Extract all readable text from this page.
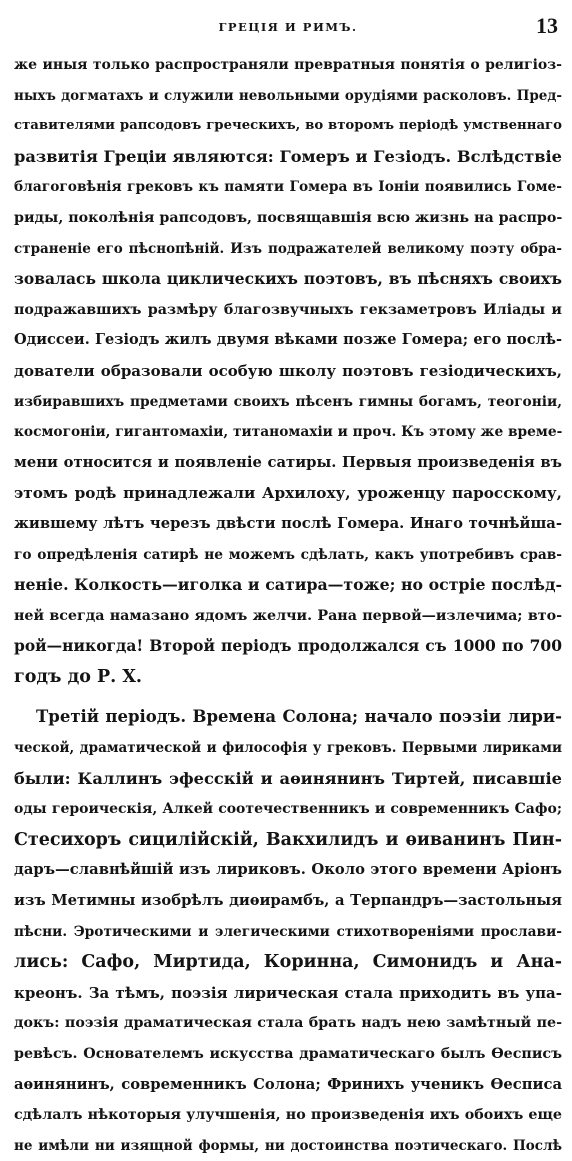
ГРЕЦІЯ И РИМЪ.	13
же иныя только распространяли превратныя понятія о религіоз-
ныхъ догматахъ и служили невольными орудіями расколовъ. Пред-
ставителями рапсодовъ греческихъ, во второмъ періодѣ умственнаго
развитія Греціи являются: Гомеръ и Гезіодъ. Вслѣдствіе
благоговѣнія грековъ къ памяти Гомера въ Іоніи появились Гоме-
риды, поколѣнія рапсодовъ, посвящавшія всю жизнь на распро-
страненіе его пѣснопѣній. Изъ подражателей великому поэту обра-
зовалась школа циклическихъ поэтовъ, въ пѣсняхъ своихъ
подражавшихъ размѣру благозвучныхъ гекзаметровъ Иліады и
Одиссеи. Гезіодъ жилъ двумя вѣками позже Гомера; его послѣ-
дователи образовали особую школу поэтовъ гезіодическихъ,
избиравшихъ предметами своихъ пѣсенъ гимны богамъ, теогоніи,
космогоніи, гигантомахіи, титаномахіи и проч. Къ этому же време-
мени относится и появленіе сатиры. Первыя произведенія въ
этомъ родѣ принадлежали Архилоху, уроженцу паросскому,
жившему лѣтъ черезъ двѣсти послѣ Гомера. Инаго точнѣйша-
го опредѣленія сатирѣ не можемъ сдѣлать, какъ употребивъ срав-
неніе. Колкость—иголка и сатира—тоже; но остріе послѣд-
ней всегда намазано ядомъ желчи. Рана первой—излечима; вто-
рой—никогда! Второй періодъ продолжался съ 1000 по 700
годъ до Р. Х.
Третій періодъ. Времена Солона; начало поэзіи лири-
ческой, драматической и философія у грековъ. Первыми лириками
были: Каллинъ эфесскій и аѳинянинъ Тиртей, писавшіе
оды героическія, Алкей соотечественникъ и современникъ Сафо;
Стесихоръ сицилійскій, Вакхилидъ и ѳиванинъ Пин-
даръ—славнѣйшій изъ лириковъ. Около этого времени Аріонъ
изъ Метимны изобрѣлъ диѳирамбъ, а Терпандръ—застольныя
пѣсни. Эротическими и элегическими стихотвореніями прослави-
лись: Сафо, Миртида, Коринна, Симонидъ и Ана-
креонъ. За тѣмъ, поэзія лирическая стала приходить въ упа-
докъ: поэзія драматическая стала брать надъ нею замѣтный пе-
ревѣсъ. Основателемъ искусства драматическаго былъ Ѳесписъ
аѳинянинъ, современникъ Солона; Фринихъ ученикъ Ѳесписа
сдѣлалъ нѣкоторыя улучшенія, но произведенія ихъ обоихъ еще
не имѣли ни изящной формы, ни достоинства поэтическаго. Послѣ
